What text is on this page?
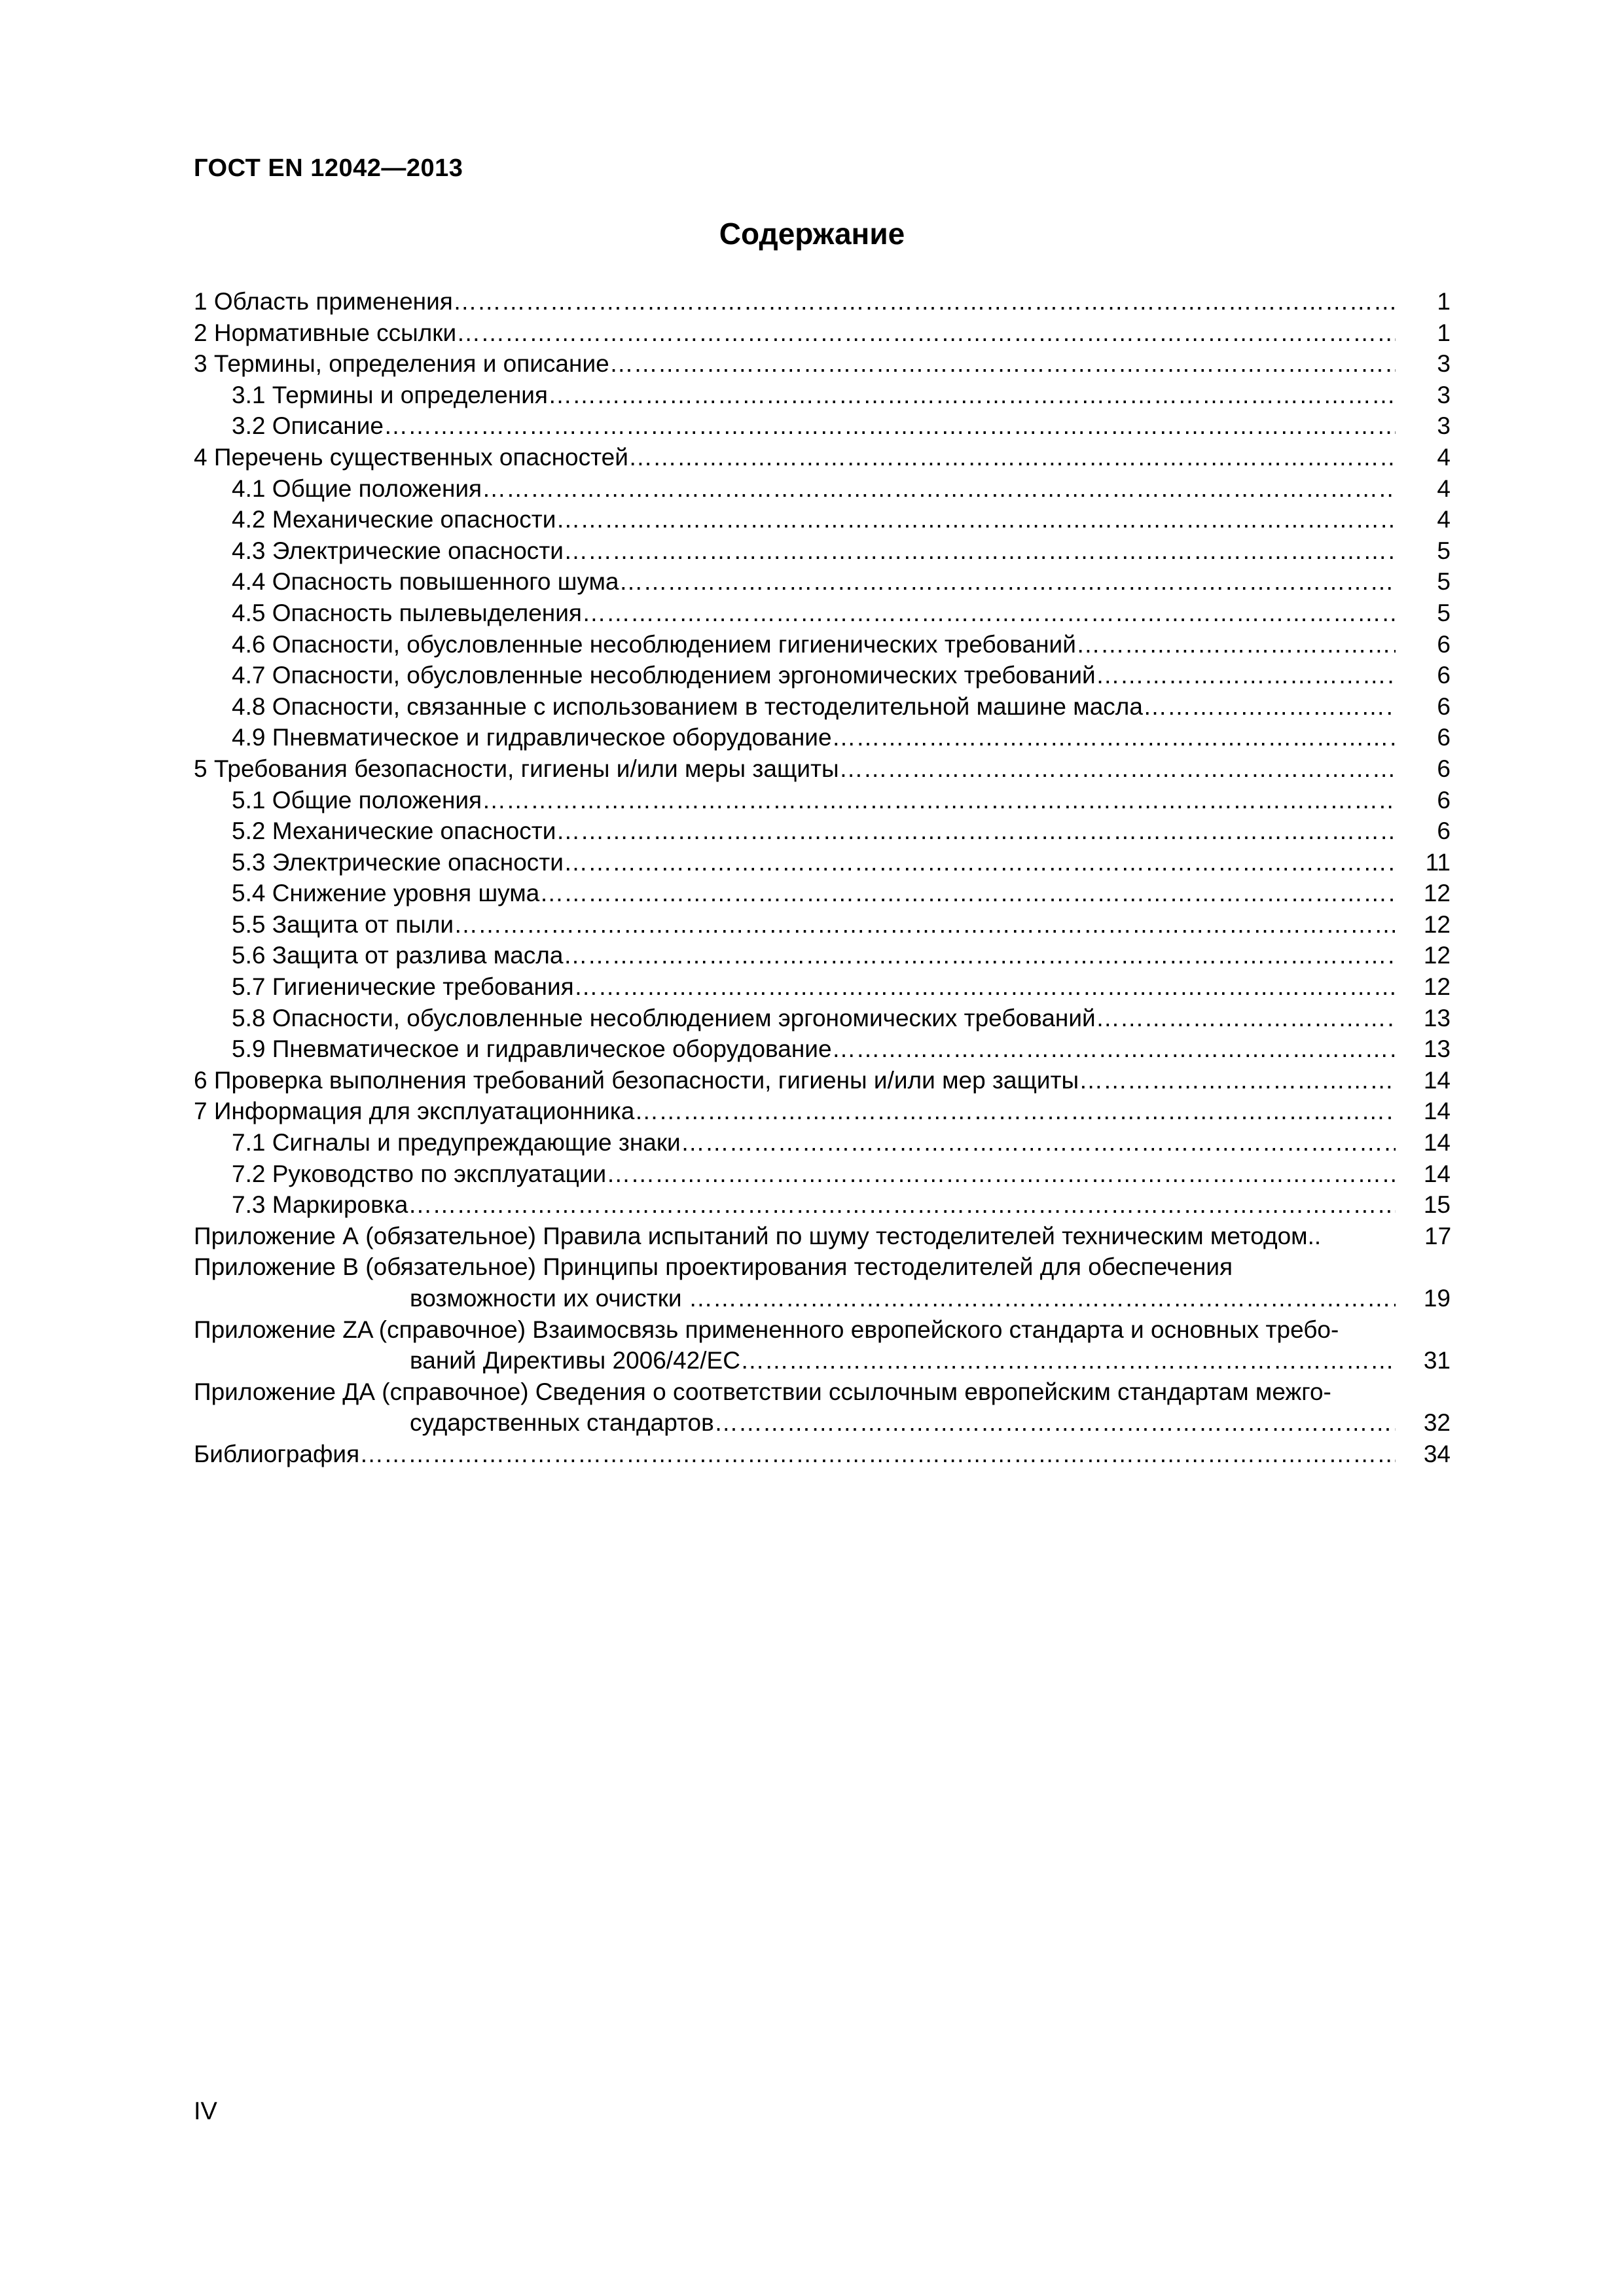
ГОСТ EN 12042—2013
Содержание
1 Область применения …………………………………………………………………………………………………………………………………………………………………………………………………………………………………………………………………………………………	1
2 Нормативные ссылки …………………………………………………………………………………………………………………………………………………………………………………………………………………………………………………………………………………………	1
3 Термины, определения и описание …………………………………………………………………………………………………………………………………………………………………………………………………………………………………………………………………………………………	3
3.1 Термины и определения …………………………………………………………………………………………………………………………………………………………………………………………………………………………………………………………………………………………	3
3.2 Описание …………………………………………………………………………………………………………………………………………………………………………………………………………………………………………………………………………………………	3
4 Перечень существенных опасностей …………………………………………………………………………………………………………………………………………………………………………………………………………………………………………………………………………………………	4
4.1 Общие положения …………………………………………………………………………………………………………………………………………………………………………………………………………………………………………………………………………………………	4
4.2 Механические опасности …………………………………………………………………………………………………………………………………………………………………………………………………………………………………………………………………………………………	4
4.3 Электрические опасности …………………………………………………………………………………………………………………………………………………………………………………………………………………………………………………………………………………………	5
4.4 Опасность повышенного шума …………………………………………………………………………………………………………………………………………………………………………………………………………………………………………………………………………………………	5
4.5 Опасность пылевыделения …………………………………………………………………………………………………………………………………………………………………………………………………………………………………………………………………………………………	5
4.6 Опасности, обусловленные несоблюдением гигиенических требований …………………………………………………………………………………………………………………………………………………………………………………………………………………………………………………………………………………………	6
4.7 Опасности, обусловленные несоблюдением эргономических требований …………………………………………………………………………………………………………………………………………………………………………………………………………………………………………………………………………………………	6
4.8 Опасности, связанные с использованием в тестоделительной машине масла …………………………………………………………………………………………………………………………………………………………………………………………………………………………………………………………………………………………	6
4.9 Пневматическое и гидравлическое оборудование …………………………………………………………………………………………………………………………………………………………………………………………………………………………………………………………………………………………	6
5 Требования безопасности, гигиены и/или меры защиты …………………………………………………………………………………………………………………………………………………………………………………………………………………………………………………………………………………………	6
5.1 Общие положения …………………………………………………………………………………………………………………………………………………………………………………………………………………………………………………………………………………………	6
5.2 Механические опасности …………………………………………………………………………………………………………………………………………………………………………………………………………………………………………………………………………………………	6
5.3 Электрические опасности …………………………………………………………………………………………………………………………………………………………………………………………………………………………………………………………………………………………	11
5.4 Снижение уровня шума …………………………………………………………………………………………………………………………………………………………………………………………………………………………………………………………………………………………	12
5.5 Защита от пыли …………………………………………………………………………………………………………………………………………………………………………………………………………………………………………………………………………………………	12
5.6 Защита от разлива масла …………………………………………………………………………………………………………………………………………………………………………………………………………………………………………………………………………………………	12
5.7 Гигиенические требования …………………………………………………………………………………………………………………………………………………………………………………………………………………………………………………………………………………………	12
5.8 Опасности, обусловленные несоблюдением эргономических требований …………………………………………………………………………………………………………………………………………………………………………………………………………………………………………………………………………………………	13
5.9 Пневматическое и гидравлическое оборудование …………………………………………………………………………………………………………………………………………………………………………………………………………………………………………………………………………………………	13
6 Проверка выполнения требований безопасности, гигиены и/или мер защиты …………………………………………………………………………………………………………………………………………………………………………………………………………………………………………………………………………………………	14
7 Информация для эксплуатационника …………………………………………………………………………………………………………………………………………………………………………………………………………………………………………………………………………………………	14
7.1 Сигналы и предупреждающие знаки …………………………………………………………………………………………………………………………………………………………………………………………………………………………………………………………………………………………	14
7.2 Руководство по эксплуатации …………………………………………………………………………………………………………………………………………………………………………………………………………………………………………………………………………………………	14
7.3 Маркировка …………………………………………………………………………………………………………………………………………………………………………………………………………………………………………………………………………………………	15
Приложение А (обязательное) Правила испытаний по шуму тестоделителей техническим методом..	17
Приложение В (обязательное) Принципы проектирования тестоделителей для обеспечения
возможности их очистки …………………………………………………………………………………………………………………………………………………………………………………………………………………………………………………………………………………………	19
Приложение ZA (справочное) Взаимосвязь примененного европейского стандарта и основных требо-
ваний Директивы 2006/42/EC …………………………………………………………………………………………………………………………………………………………………………………………………………………………………………………………………………………………	31
Приложение ДА (справочное) Сведения о соответствии ссылочным европейским стандартам межго-
сударственных стандартов …………………………………………………………………………………………………………………………………………………………………………………………………………………………………………………………………………………………	32
Библиография …………………………………………………………………………………………………………………………………………………………………………………………………………………………………………………………………………………………	34
IV
